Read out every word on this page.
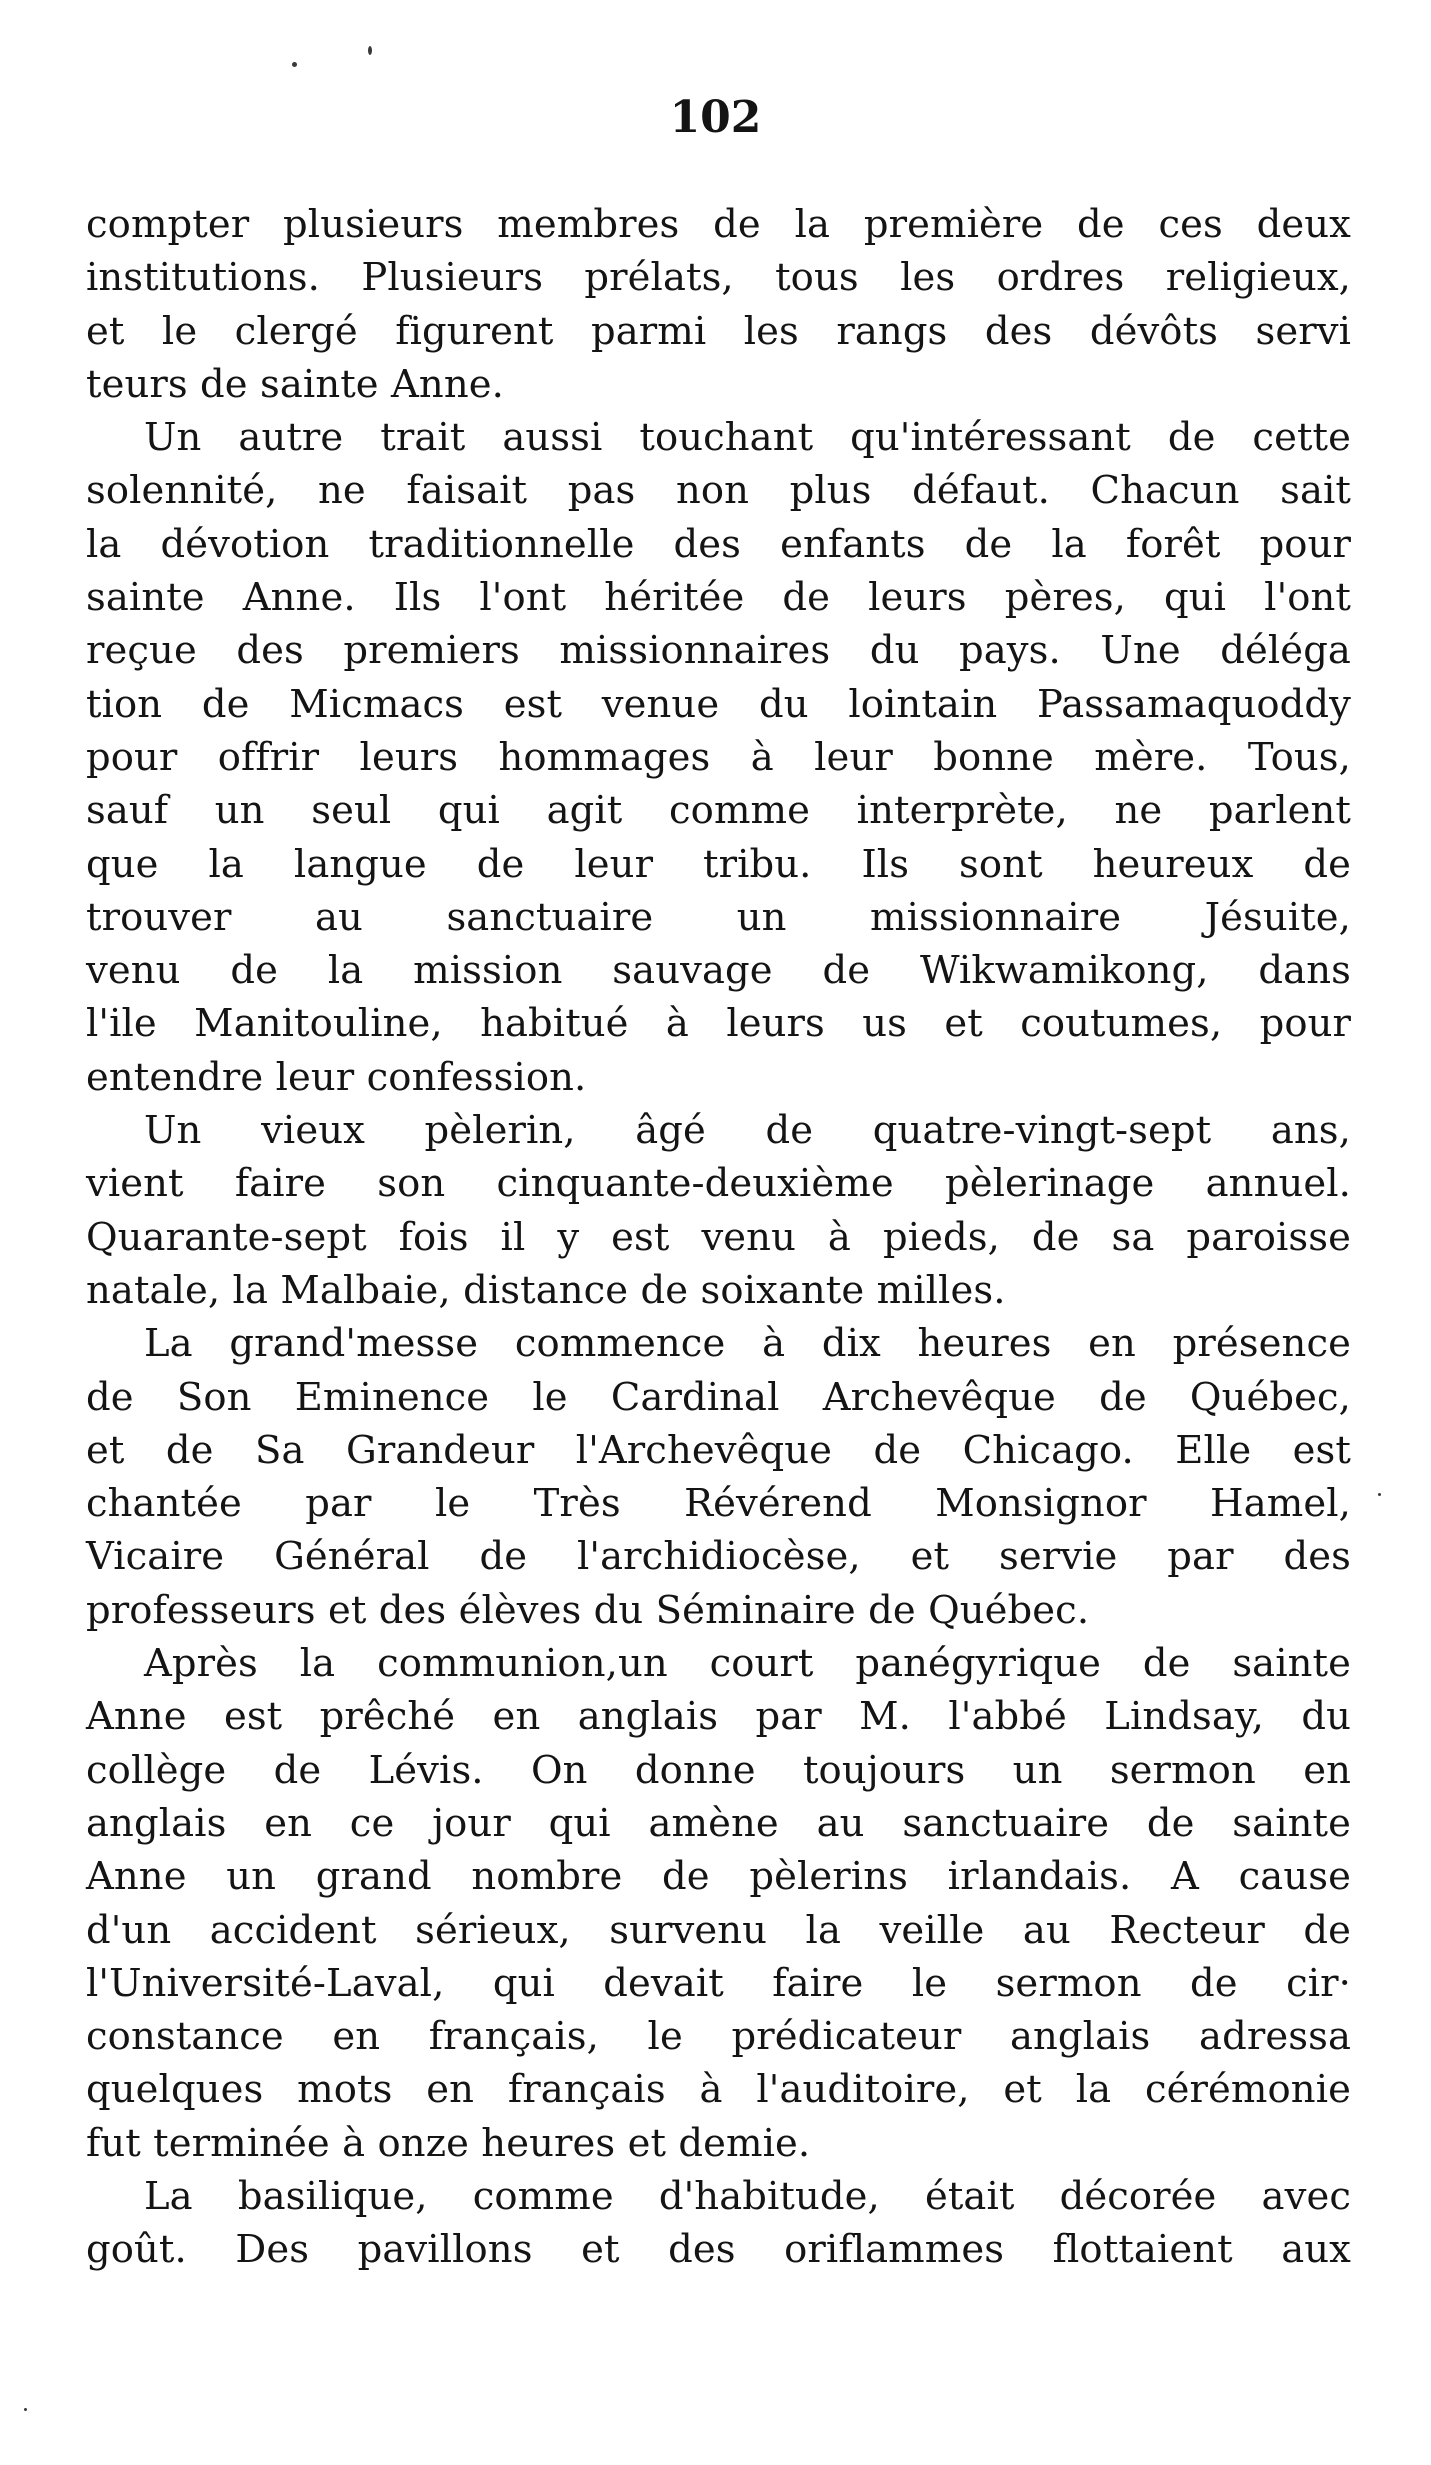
102
compter plusieurs membres de la première de ces deux
institutions. Plusieurs prélats, tous les ordres religieux,
et le clergé figurent parmi les rangs des dévôts servi
teurs de sainte Anne.
Un autre trait aussi touchant qu'intéressant de cette
solennité, ne faisait pas non plus défaut. Chacun sait
la dévotion traditionnelle des enfants de la forêt pour
sainte Anne. Ils l'ont héritée de leurs pères, qui l'ont
reçue des premiers missionnaires du pays. Une déléga
tion de Micmacs est venue du lointain Passamaquoddy
pour offrir leurs hommages à leur bonne mère. Tous,
sauf un seul qui agit comme interprète, ne parlent
que la langue de leur tribu. Ils sont heureux de
trouver au sanctuaire un missionnaire Jésuite,
venu de la mission sauvage de Wikwamikong, dans
l'ile Manitouline, habitué à leurs us et coutumes, pour
entendre leur confession.
Un vieux pèlerin, âgé de quatre-vingt-sept ans,
vient faire son cinquante-deuxième pèlerinage annuel.
Quarante-sept fois il y est venu à pieds, de sa paroisse
natale, la Malbaie, distance de soixante milles.
La grand'messe commence à dix heures en présence
de Son Eminence le Cardinal Archevêque de Québec,
et de Sa Grandeur l'Archevêque de Chicago. Elle est
chantée par le Très Révérend Monsignor Hamel,
Vicaire Général de l'archidiocèse, et servie par des
professeurs et des élèves du Séminaire de Québec.
Après la communion,un court panégyrique de sainte
Anne est prêché en anglais par M. l'abbé Lindsay, du
collège de Lévis. On donne toujours un sermon en
anglais en ce jour qui amène au sanctuaire de sainte
Anne un grand nombre de pèlerins irlandais. A cause
d'un accident sérieux, survenu la veille au Recteur de
l'Université-Laval, qui devait faire le sermon de cir·
constance en français, le prédicateur anglais adressa
quelques mots en français à l'auditoire, et la cérémonie
fut terminée à onze heures et demie.
La basilique, comme d'habitude, était décorée avec
goût. Des pavillons et des oriflammes flottaient aux
